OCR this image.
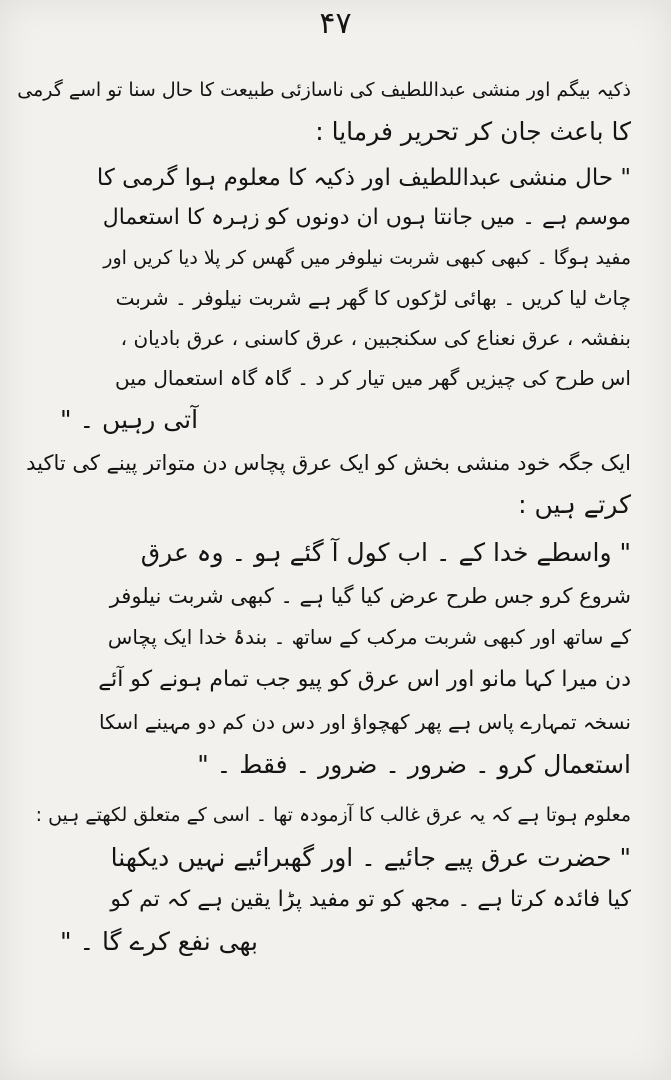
۴۷
ذکیہ بیگم اور منشی عبداللطیف کی ناسازئی طبیعت کا حال سنا تو اسے گرمی
کا باعث جان کر تحریر فرمایا :
" حال منشی عبداللطیف اور ذکیہ کا معلوم ہوا گرمی کا
موسم ہے ۔ میں جانتا ہوں ان دونوں کو زہرہ کا استعمال
مفید ہوگا ۔ کبھی کبھی شربت نیلوفر میں گھس کر پلا دیا کریں اور
چاٹ لیا کریں ۔ بھائی لڑکوں کا گھر ہے شربت نیلوفر ۔ شربت
بنفشہ ، عرق نعناع کی سکنجبین ، عرق کاسنی ، عرق بادیان ،
اس طرح کی چیزیں گھر میں تیار کر د ۔ گاہ گاہ استعمال میں
آتی رہیں ۔ "
ایک جگہ خود منشی بخش کو ایک عرق پچاس دن متواتر پینے کی تاکید
کرتے ہیں :
" واسطے خدا کے ۔ اب کول آ گئے ہو ۔ وہ عرق
شروع کرو جس طرح عرض کیا گیا ہے ۔ کبھی شربت نیلوفر
کے ساتھ اور کبھی شربت مرکب کے ساتھ ۔ بندۂ خدا ایک پچاس
دن میرا کہا مانو اور اس عرق کو پیو جب تمام ہونے کو آئے
نسخہ تمہارے پاس ہے پھر کھچواؤ اور دس دن کم دو مہینے اسکا
استعمال کرو ۔ ضرور ۔ ضرور ۔ فقط ۔ "
معلوم ہوتا ہے کہ یہ عرق غالب کا آزمودہ تھا ۔ اسی کے متعلق لکھتے ہیں :
" حضرت عرق پیے جائیے ۔ اور گھبرائیے نہیں دیکھنا
کیا فائدہ کرتا ہے ۔ مجھ کو تو مفید پڑا یقین ہے کہ تم کو
بھی نفع کرے گا ۔ "
